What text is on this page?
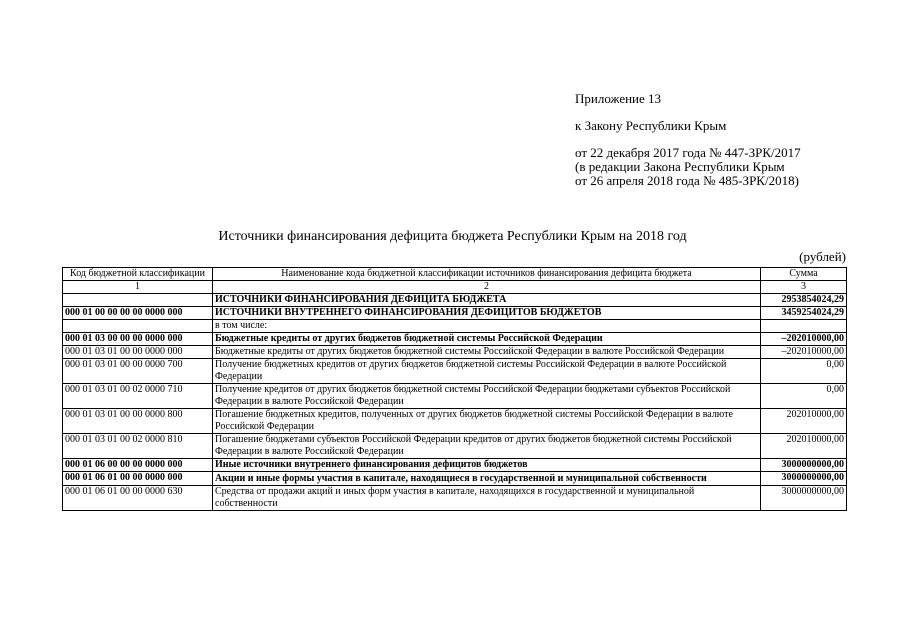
Приложение 13
к Закону Республики Крым
от 22 декабря 2017 года № 447-ЗРК/2017
(в редакции Закона Республики Крым
от 26 апреля 2018 года № 485-ЗРК/2018)
Источники финансирования дефицита бюджета Республики Крым на 2018 год
(рублей)
Код бюджетной классификации	Наименование кода бюджетной классификации источников финансирования дефицита бюджета	Сумма
1	2	3
	ИСТОЧНИКИ ФИНАНСИРОВАНИЯ ДЕФИЦИТА БЮДЖЕТА	2953854024,29
000 01 00 00 00 00 0000 000	ИСТОЧНИКИ ВНУТРЕННЕГО ФИНАНСИРОВАНИЯ ДЕФИЦИТОВ БЮДЖЕТОВ	3459254024,29
	в том числе:	
000 01 03 00 00 00 0000 000	Бюджетные кредиты от других бюджетов бюджетной системы Российской Федерации	–202010000,00
000 01 03 01 00 00 0000 000	Бюджетные кредиты от других бюджетов бюджетной системы Российской Федерации в валюте Российской Федерации	–202010000,00
000 01 03 01 00 00 0000 700	Получение бюджетных кредитов от других бюджетов бюджетной системы Российской Федерации в валюте Российской Федерации	0,00
000 01 03 01 00 02 0000 710	Получение кредитов от других бюджетов бюджетной системы Российской Федерации бюджетами субъектов Российской Федерации в валюте Российской Федерации	0,00
000 01 03 01 00 00 0000 800	Погашение бюджетных кредитов, полученных от других бюджетов бюджетной системы Российской Федерации в валюте Российской Федерации	202010000,00
000 01 03 01 00 02 0000 810	Погашение бюджетами субъектов Российской Федерации кредитов от других бюджетов бюджетной системы Российской Федерации в валюте Российской Федерации	202010000,00
000 01 06 00 00 00 0000 000	Иные источники внутреннего финансирования дефицитов бюджетов	3000000000,00
000 01 06 01 00 00 0000 000	Акции и иные формы участия в капитале, находящиеся в государственной и муниципальной собственности	3000000000,00
000 01 06 01 00 00 0000 630	Средства от продажи акций и иных форм участия в капитале, находящихся в государственной и муниципальной собственности	3000000000,00
